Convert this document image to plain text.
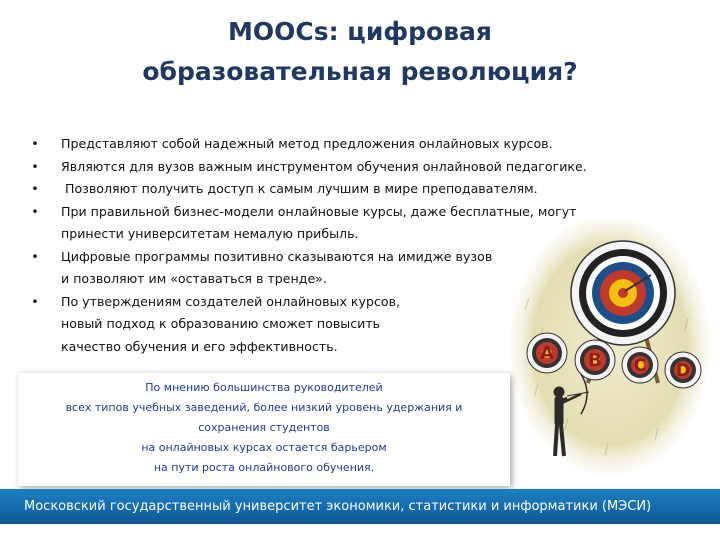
MOOCs: цифровая
образовательная революция?
• Представляют собой надежный метод предложения онлайновых курсов.
• Являются для вузов важным инструментом обучения онлайновой педагогике.
• Позволяют получить доступ к самым лучшим в мире преподавателям.
• При правильной бизнес-модели онлайновые курсы, даже бесплатные, могут
принести университетам немалую прибыль.
• Цифровые программы позитивно сказываются на имидже вузов
и позволяют им «оставаться в тренде».
• По утверждениям создателей онлайновых курсов,
новый подход к образованию сможет повысить
качество обучения и его эффективность.	A B C D
По мнению большинства руководителей
всех типов учебных заведений, более низкий уровень удержания и
сохранения студентов
на онлайновых курсах остается барьером
на пути роста онлайнового обучения.
Московский государственный университет экономики, статистики и информатики (МЭСИ)
